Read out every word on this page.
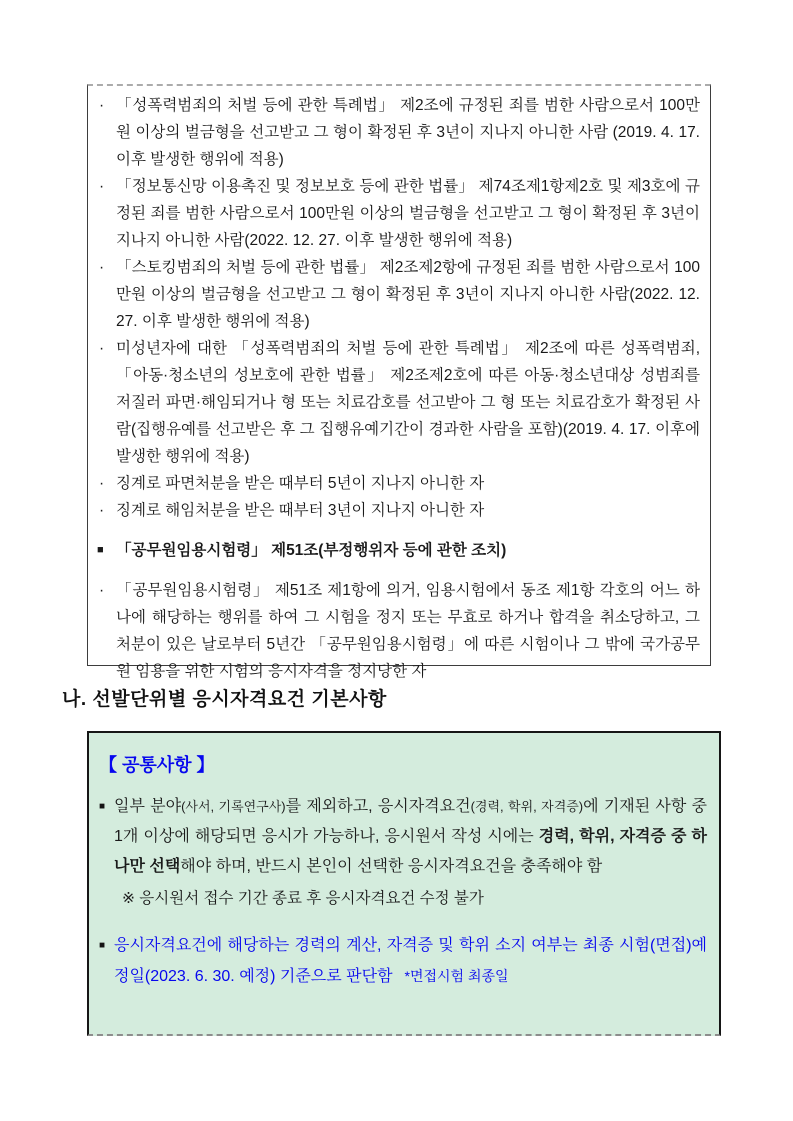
· 「성폭력범죄의 처벌 등에 관한 특례법」 제2조에 규정된 죄를 범한 사람으로서 100만원 이상의 벌금형을 선고받고 그 형이 확정된 후 3년이 지나지 아니한 사람 (2019. 4. 17. 이후 발생한 행위에 적용)
· 「정보통신망 이용촉진 및 정보보호 등에 관한 법률」 제74조제1항제2호 및 제3호에 규정된 죄를 범한 사람으로서 100만원 이상의 벌금형을 선고받고 그 형이 확정된 후 3년이 지나지 아니한 사람(2022. 12. 27. 이후 발생한 행위에 적용)
· 「스토킹범죄의 처벌 등에 관한 법률」 제2조제2항에 규정된 죄를 범한 사람으로서 100만원 이상의 벌금형을 선고받고 그 형이 확정된 후 3년이 지나지 아니한 사람(2022. 12. 27. 이후 발생한 행위에 적용)
· 미성년자에 대한 「성폭력범죄의 처벌 등에 관한 특례법」 제2조에 따른 성폭력범죄, 「아동·청소년의 성보호에 관한 법률」 제2조제2호에 따른 아동·청소년대상 성범죄를 저질러 파면·해임되거나 형 또는 치료감호를 선고받아 그 형 또는 치료감호가 확정된 사람(집행유예를 선고받은 후 그 집행유예기간이 경과한 사람을 포함)(2019. 4. 17. 이후에 발생한 행위에 적용)
· 징계로 파면처분을 받은 때부터 5년이 지나지 아니한 자
· 징계로 해임처분을 받은 때부터 3년이 지나지 아니한 자
■ 「공무원임용시험령」 제51조(부정행위자 등에 관한 조치)
· 「공무원임용시험령」 제51조 제1항에 의거, 임용시험에서 동조 제1항 각호의 어느 하나에 해당하는 행위를 하여 그 시험을 정지 또는 무효로 하거나 합격을 취소당하고, 그 처분이 있은 날로부터 5년간 「공무원임용시험령」에 따른 시험이나 그 밖에 국가공무원 임용을 위한 시험의 응시자격을 정지당한 자
나. 선발단위별 응시자격요건 기본사항
【 공통사항 】
■ 일부 분야(사서, 기록연구사)를 제외하고, 응시자격요건(경력, 학위, 자격증)에 기재된 사항 중 1개 이상에 해당되면 응시가 가능하나, 응시원서 작성 시에는 경력, 학위, 자격증 중 하나만 선택해야 하며, 반드시 본인이 선택한 응시자격요건을 충족해야 함
※ 응시원서 접수 기간 종료 후 응시자격요건 수정 불가
■ 응시자격요건에 해당하는 경력의 계산, 자격증 및 학위 소지 여부는 최종 시험(면접)예정일(2023. 6. 30. 예정) 기준으로 판단함 *면접시험 최종일
